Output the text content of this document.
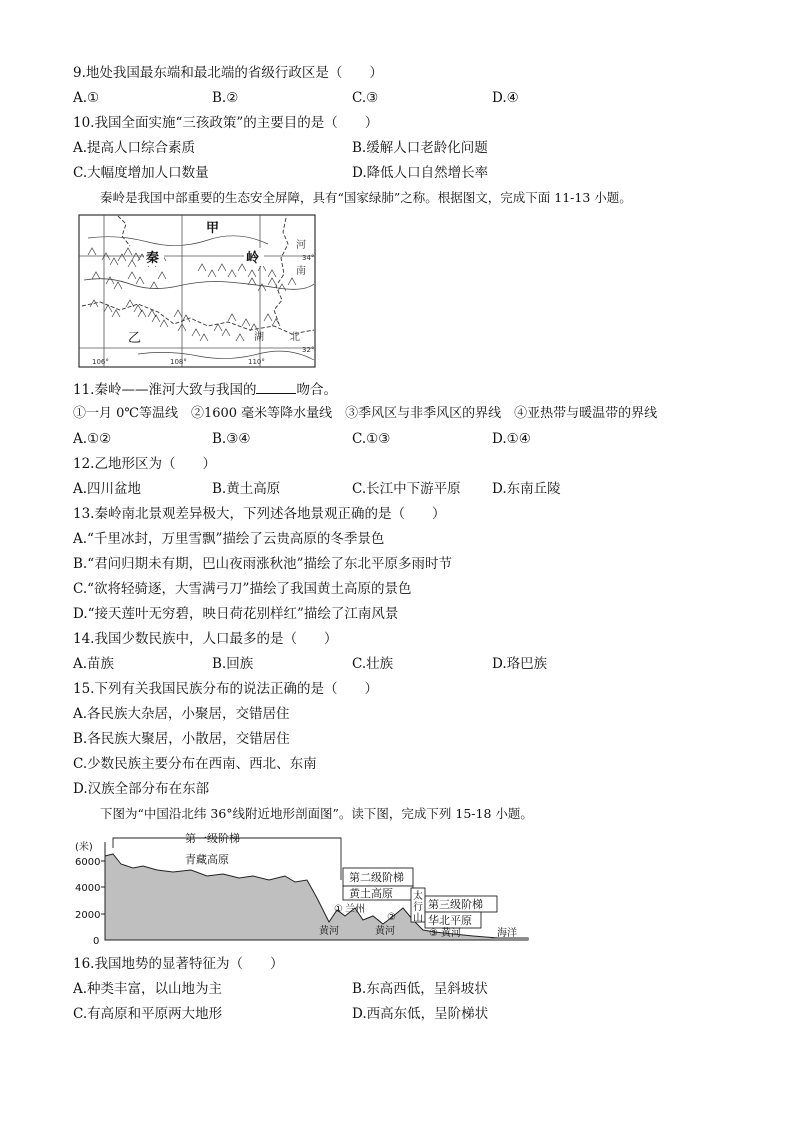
9.地处我国最东端和最北端的省级行政区是（　　）
A.①	B.②	C.③	D.④
10.我国全面实施“三孩政策”的主要目的是（　　）
A.提高人口综合素质	B.缓解人口老龄化问题
C.大幅度增加人口数量	D.降低人口自然增长率
秦岭是我国中部重要的生态安全屏障，具有“国家绿肺”之称。根据图文，完成下面 11-13 小题。
甲
秦	岭
乙
河
南
湖	北
34°
32°
106°	108°	110°
11.秦岭——淮河大致与我国的	吻合。
①一月 0℃等温线　②1600 毫米等降水量线　③季风区与非季风区的界线　④亚热带与暖温带的界线
A.①②	B.③④	C.①③	D.①④
12.乙地形区为（　　）
A.四川盆地	B.黄土高原	C.长江中下游平原 D.东南丘陵
13.秦岭南北景观差异极大，下列述各地景观正确的是（　　）
A.“千里冰封，万里雪飘”描绘了云贵高原的冬季景色
B.“君问归期未有期，巴山夜雨涨秋池”描绘了东北平原多雨时节
C.“欲将轻骑逐，大雪满弓刀”描绘了我国黄土高原的景色
D.“接天莲叶无穷碧，映日荷花别样红”描绘了江南风景
14.我国少数民族中，人口最多的是（　　）
A.苗族	B.回族	C.壮族	D.珞巴族
15.下列有关我国民族分布的说法正确的是（　　）
A.各民族大杂居，小聚居，交错居住
B.各民族大聚居，小散居，交错居住
C.少数民族主要分布在西南、西北、东南
D.汉族全部分布在东部
下图为“中国沿北纬 36°线附近地形剖面图”。读下图，完成下列 15-18 小题。
(米)
6000
4000
2000
0
第一级阶梯
青藏高原
第二级阶梯
黄土高原 太
行
山
第三级阶梯
华北平原
① 兰州
黄河
②
黄河	③ 黄河	海洋
16.我国地势的显著特征为（　　）
A.种类丰富，以山地为主	B.东高西低，呈斜坡状
C.有高原和平原两大地形	D.西高东低，呈阶梯状
